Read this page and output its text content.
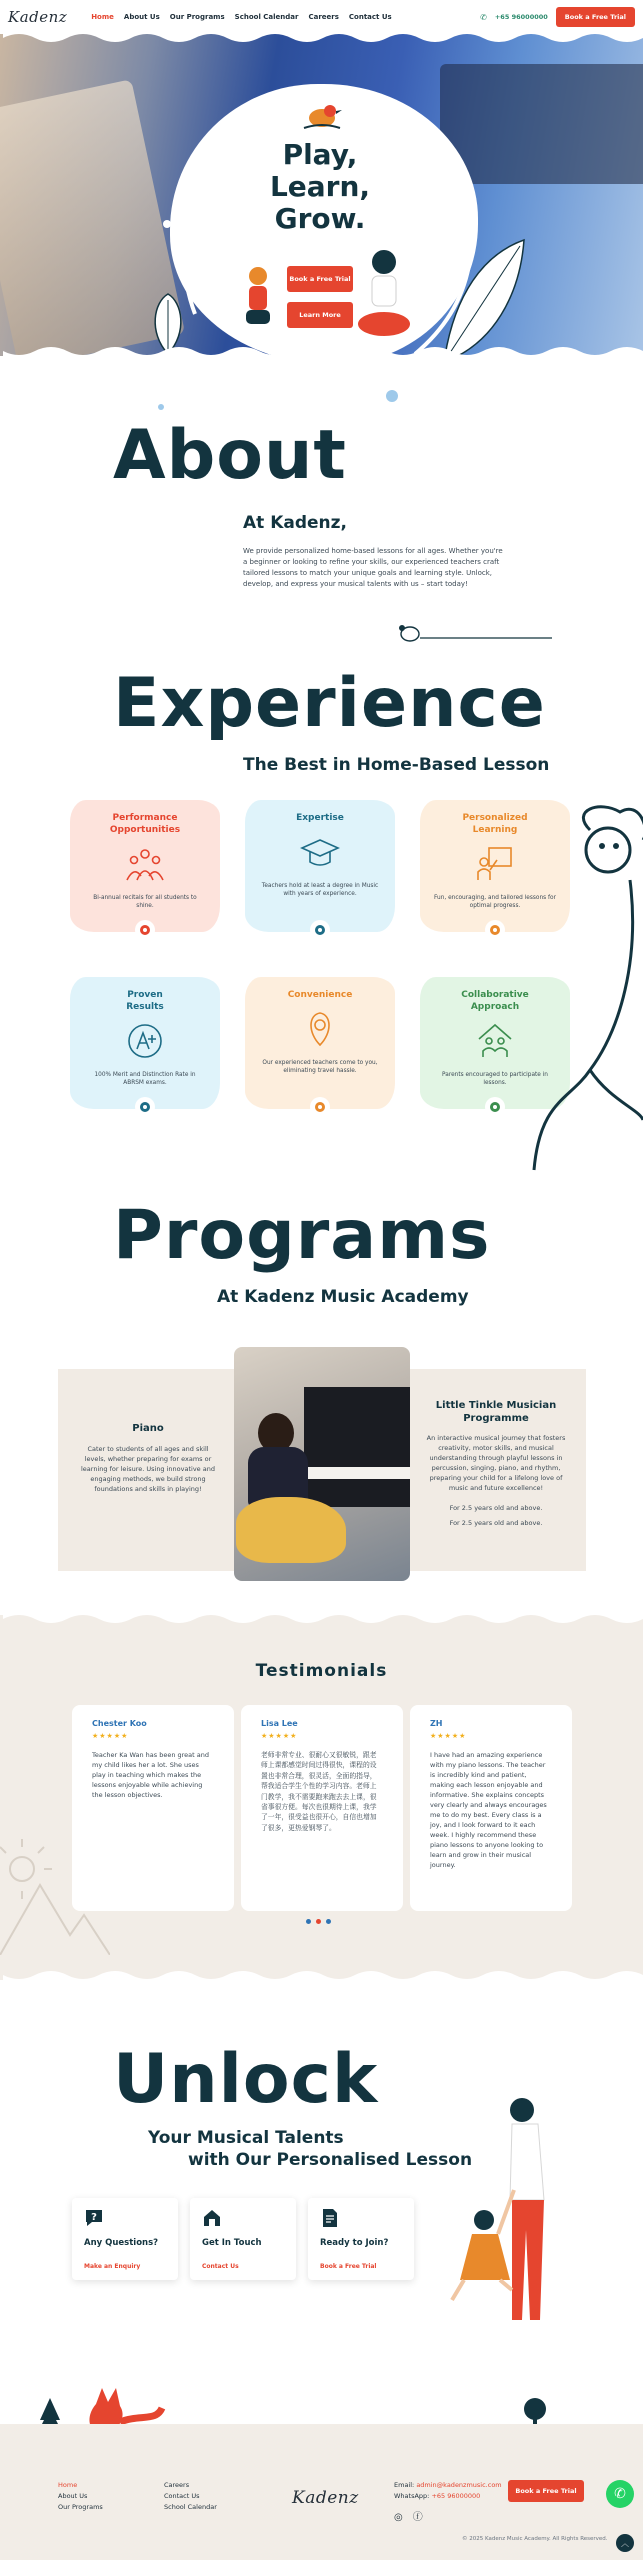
Kadenz	Home About Us Our Programs School Calendar Careers Contact Us	✆ +65 96000000	Book a Free Trial
Play,
Learn,
Grow.
Book a Free Trial
Learn More
About
At Kadenz,

We provide personalized home-based lessons for all ages. Whether you're a beginner or looking to refine your skills, our experienced teachers craft tailored lessons to match your unique goals and learning style. Unlock, develop, and express your musical talents with us – start today!

Experience
The Best in Home-Based Lesson
Performance Opportunities

Bi-annual recitals for all students to shine.

Expertise

Teachers hold at least a degree in Music with years of experience.

Personalized Learning

Fun, encouraging, and tailored lessons for optimal progress.

Proven Results

100% Merit and Distinction Rate in ABRSM exams.

Convenience

Our experienced teachers come to you, eliminating travel hassle.

Collaborative Approach

Parents encouraged to participate in lessons.

Programs
At Kadenz Music Academy
Piano

Cater to students of all ages and skill levels, whether preparing for exams or learning for leisure. Using innovative and engaging methods, we build strong foundations and skills in playing!

Little Tinkle Musician Programme

An interactive musical journey that fosters creativity, motor skills, and musical understanding through playful lessons in percussion, singing, piano, and rhythm, preparing your child for a lifelong love of music and future excellence!

For 2.5 years old and above.

For 2.5 years old and above.

Testimonials
Chester Koo
★★★★★

Teacher Ka Wan has been great and my child likes her a lot. She uses play in teaching which makes the lessons enjoyable while achieving the lesson objectives.

Lisa Lee
★★★★★

老师非常专业、很耐心又很敏锐，跟老师上课都感觉时间过得很快，课程的设置也非常合理，很灵活，全面的指导，帮我适合学生个性的学习内容。老师上门教学，我不需要跑来跑去去上课，很省事很方便。每次也很期待上课，我学了一年，很受益也很开心，自信也增加了很多，更热爱钢琴了。

ZH
★★★★★

I have had an amazing experience with my piano lessons. The teacher is incredibly kind and patient, making each lesson enjoyable and informative. She explains concepts very clearly and always encourages me to do my best. Every class is a joy, and I look forward to it each week. I highly recommend these piano lessons to anyone looking to learn and grow in their musical journey.

Unlock
Your Musical Talents
with Our Personalised Lesson
?
Any Questions?
Make an Enquiry
Get In Touch
Contact Us
Ready to Join?
Book a Free Trial
Home
About Us
Our Programs
Careers
Contact Us
School Calendar	Kadenz
Email: admin@kadenzmusic.com
WhatsApp: +65 96000000
◎ ⓕ
Book a Free Trial
© 2025 Kadenz Music Academy. All Rights Reserved.
✆
︿
